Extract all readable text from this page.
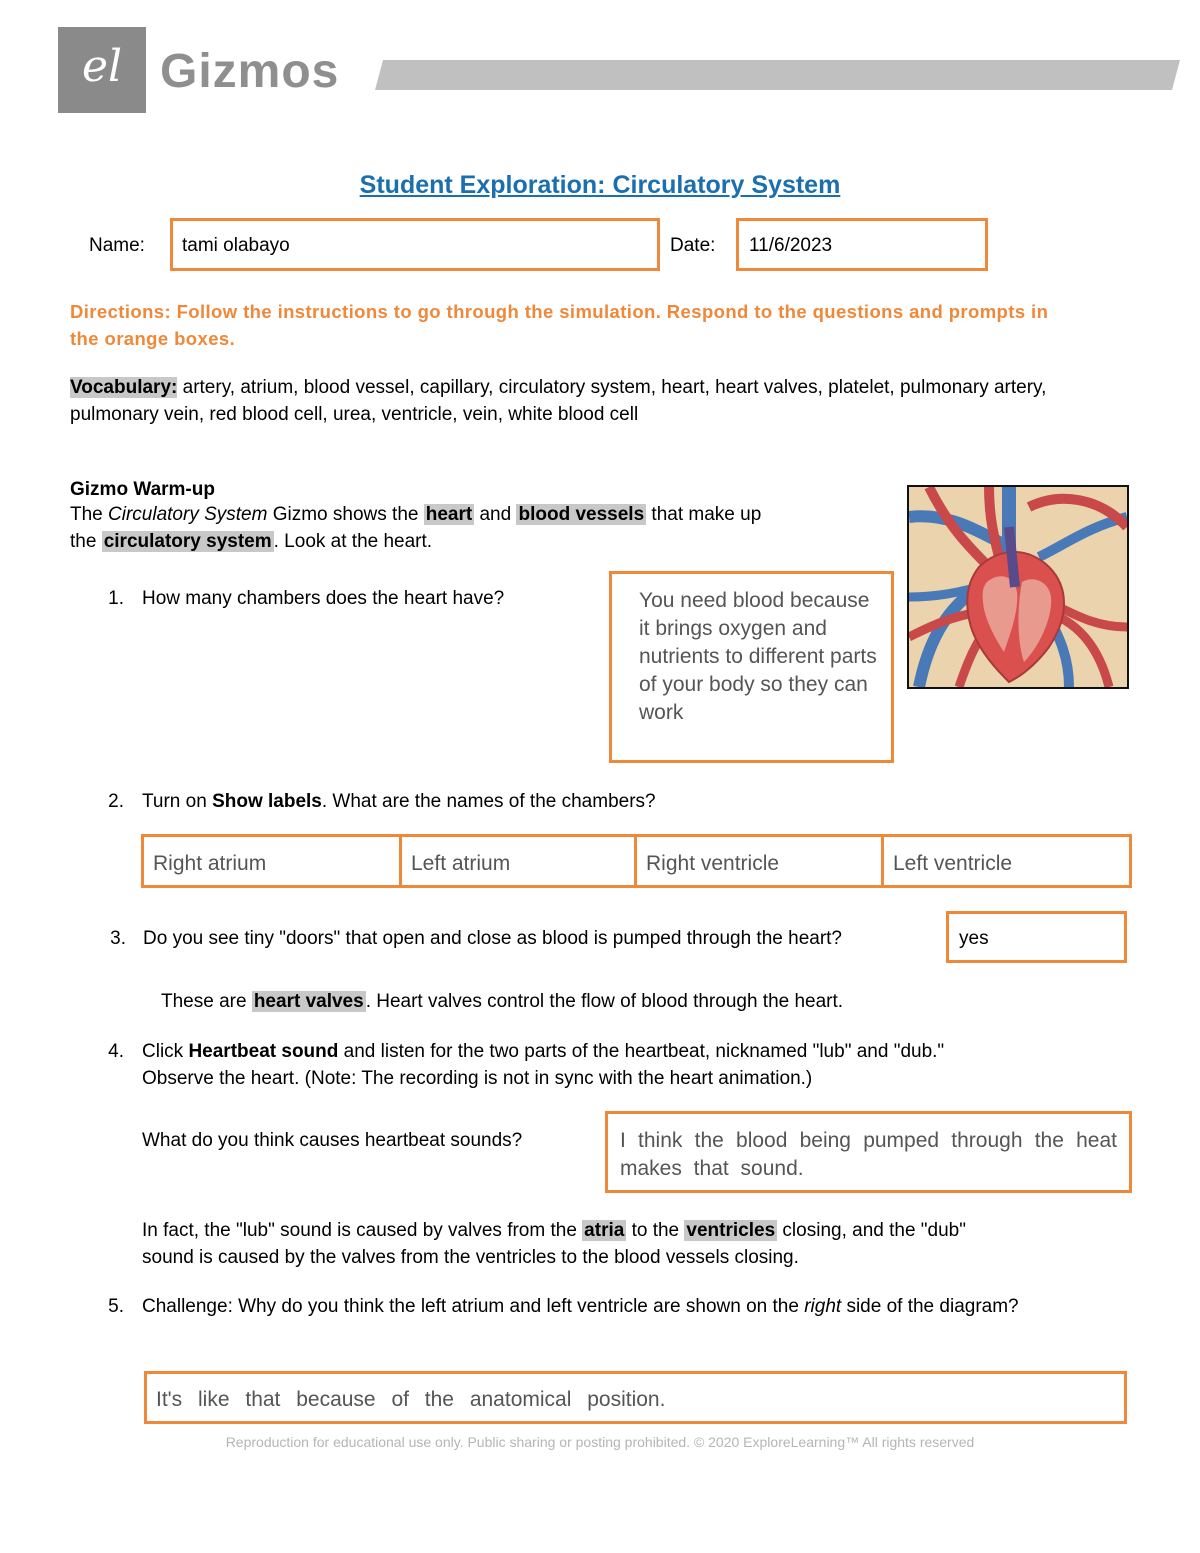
el Gizmos
Student Exploration: Circulatory System
Name: tami olabayo	Date: 11/6/2023
Directions: Follow the instructions to go through the simulation. Respond to the questions and prompts in the orange boxes.
Vocabulary: artery, atrium, blood vessel, capillary, circulatory system, heart, heart valves, platelet, pulmonary artery, pulmonary vein, red blood cell, urea, ventricle, vein, white blood cell
Gizmo Warm-up
The Circulatory System Gizmo shows the heart and blood vessels that make up
the circulatory system . Look at the heart.
1. How many chambers does the heart have?	You need blood because it brings oxygen and nutrients to different parts of your body so they can work
2. Turn on Show labels. What are the names of the chambers?
Right atrium	Left atrium	Right ventricle	Left ventricle
3. Do you see tiny "doors" that open and close as blood is pumped through the heart?	yes
These are heart valves . Heart valves control the flow of blood through the heart.
4. Click Heartbeat sound and listen for the two parts of the heartbeat, nicknamed "lub" and "dub."
Observe the heart. (Note: The recording is not in sync with the heart animation.)
What do you think causes heartbeat sounds?	I think the blood being pumped through the heat makes that sound.
In fact, the "lub" sound is caused by valves from the atria to the ventricles closing, and the "dub"
sound is caused by the valves from the ventricles to the blood vessels closing.
5. Challenge: Why do you think the left atrium and left ventricle are shown on the right side of the diagram?
It's like that because of the anatomical position.
Reproduction for educational use only. Public sharing or posting prohibited. © 2020 ExploreLearning™ All rights reserved
